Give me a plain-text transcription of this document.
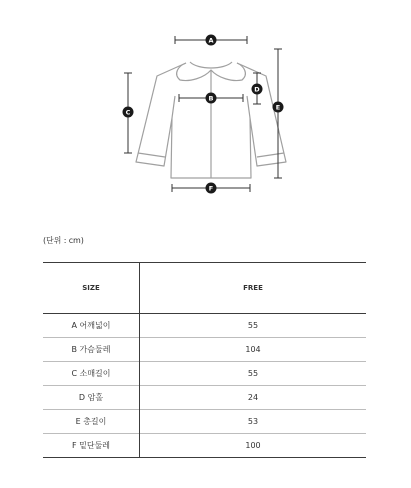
A
B
C
D
E
F
(단위 : cm)
SIZE	FREE
A 어깨넓이	55
B 가슴둘레	104
C 소매길이	55
D 암홀	24
E 총길이	53
F 밑단둘레	100
